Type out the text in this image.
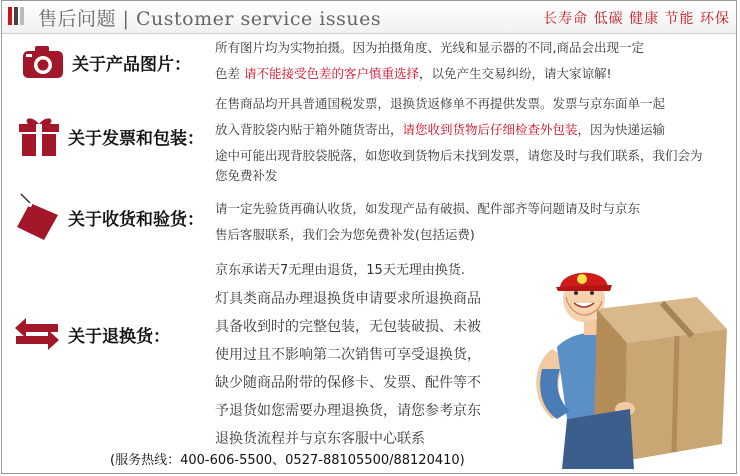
售后问题 | Customer service issues	长寿命 低碳 健康 节能 环保
关于产品图片：
所有图片均为实物拍摄。因为拍摄角度、光线和显示器的不同,商品会出现一定
色差 请不能接受色差的客户慎重选择，以免产生交易纠纷，请大家谅解!
关于发票和包装：
在售商品均开具普通国税发票，退换货返修单不再提供发票。发票与京东面单一起
放入背胶袋内贴于箱外随货寄出，请您收到货物后仔细检查外包装，因为快递运输
途中可能出现背胶袋脱落，如您收到货物后未找到发票，请您及时与我们联系，我们会为
您免费补发
关于收货和验货：
请一定先验货再确认收货，如发现产品有破损、配件部齐等问题请及时与京东
售后客服联系，我们会为您免费补发(包括运费)
关于退换货：
京东承诺天7无理由退货，15天无理由换货.
灯具类商品办理退换货申请要求所退换商品
具备收到时的完整包装，无包装破损、未被
使用过且不影响第二次销售可享受退换货，
缺少随商品附带的保修卡、发票、配件等不
予退货如您需要办理退换货，请您参考京东
退换货流程并与京东客服中心联系
(服务热线：400-606-5500、0527-88105500/88120410)
